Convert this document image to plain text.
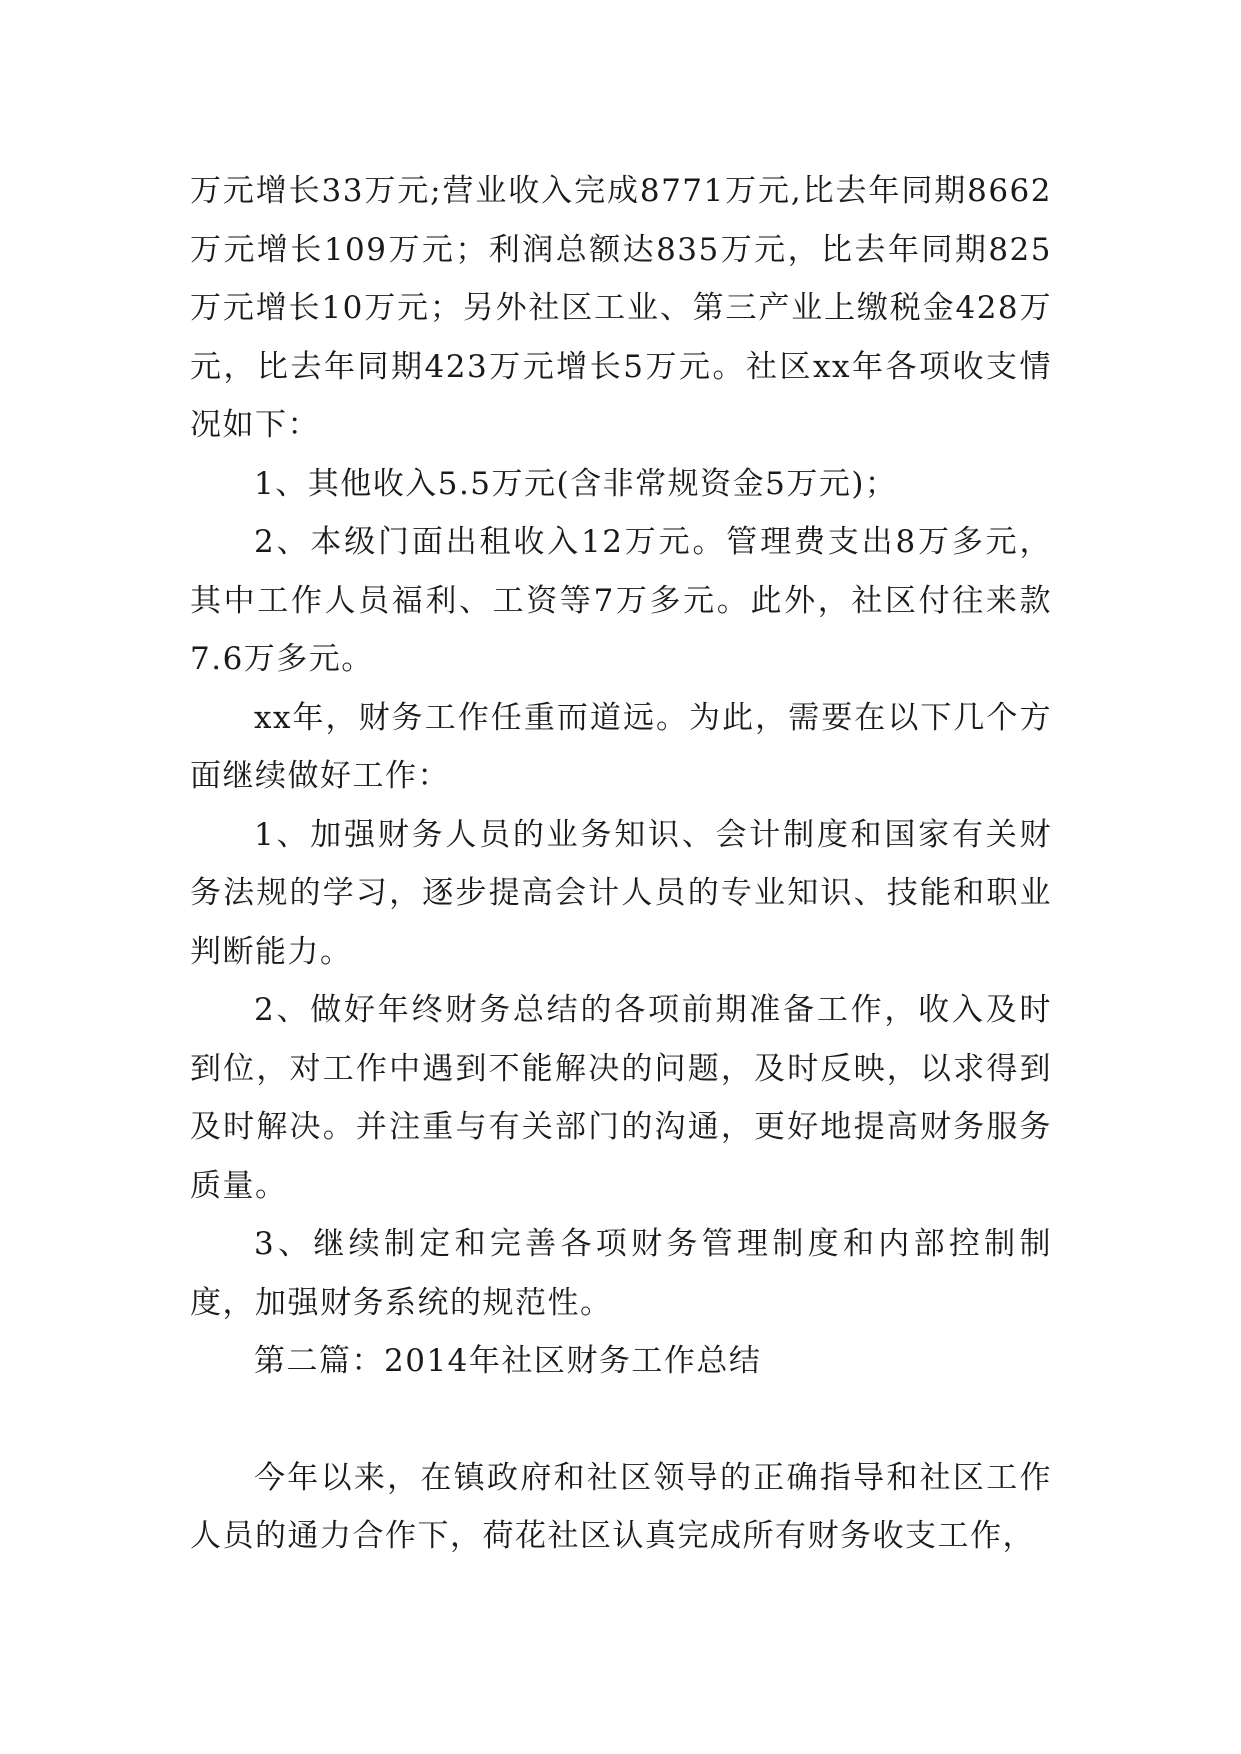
万元增长33万元;营业收入完成8771万元,比去年同期8662万元增长109万元；利润总额达835万元，比去年同期825万元增长10万元；另外社区工业、第三产业上缴税金428万元，比去年同期423万元增长5万元。社区xx年各项收支情况如下：

1、其他收入5.5万元(含非常规资金5万元)；

2、本级门面出租收入12万元。管理费支出8万多元，其中工作人员福利、工资等7万多元。此外，社区付往来款7.6万多元。

xx年，财务工作任重而道远。为此，需要在以下几个方面继续做好工作：

1、加强财务人员的业务知识、会计制度和国家有关财务法规的学习，逐步提高会计人员的专业知识、技能和职业判断能力。

2、做好年终财务总结的各项前期准备工作，收入及时到位，对工作中遇到不能解决的问题，及时反映，以求得到及时解决。并注重与有关部门的沟通，更好地提高财务服务质量。

3、继续制定和完善各项财务管理制度和内部控制制度，加强财务系统的规范性。

第二篇：2014年社区财务工作总结

今年以来，在镇政府和社区领导的正确指导和社区工作人员的通力合作下，荷花社区认真完成所有财务收支工作，
